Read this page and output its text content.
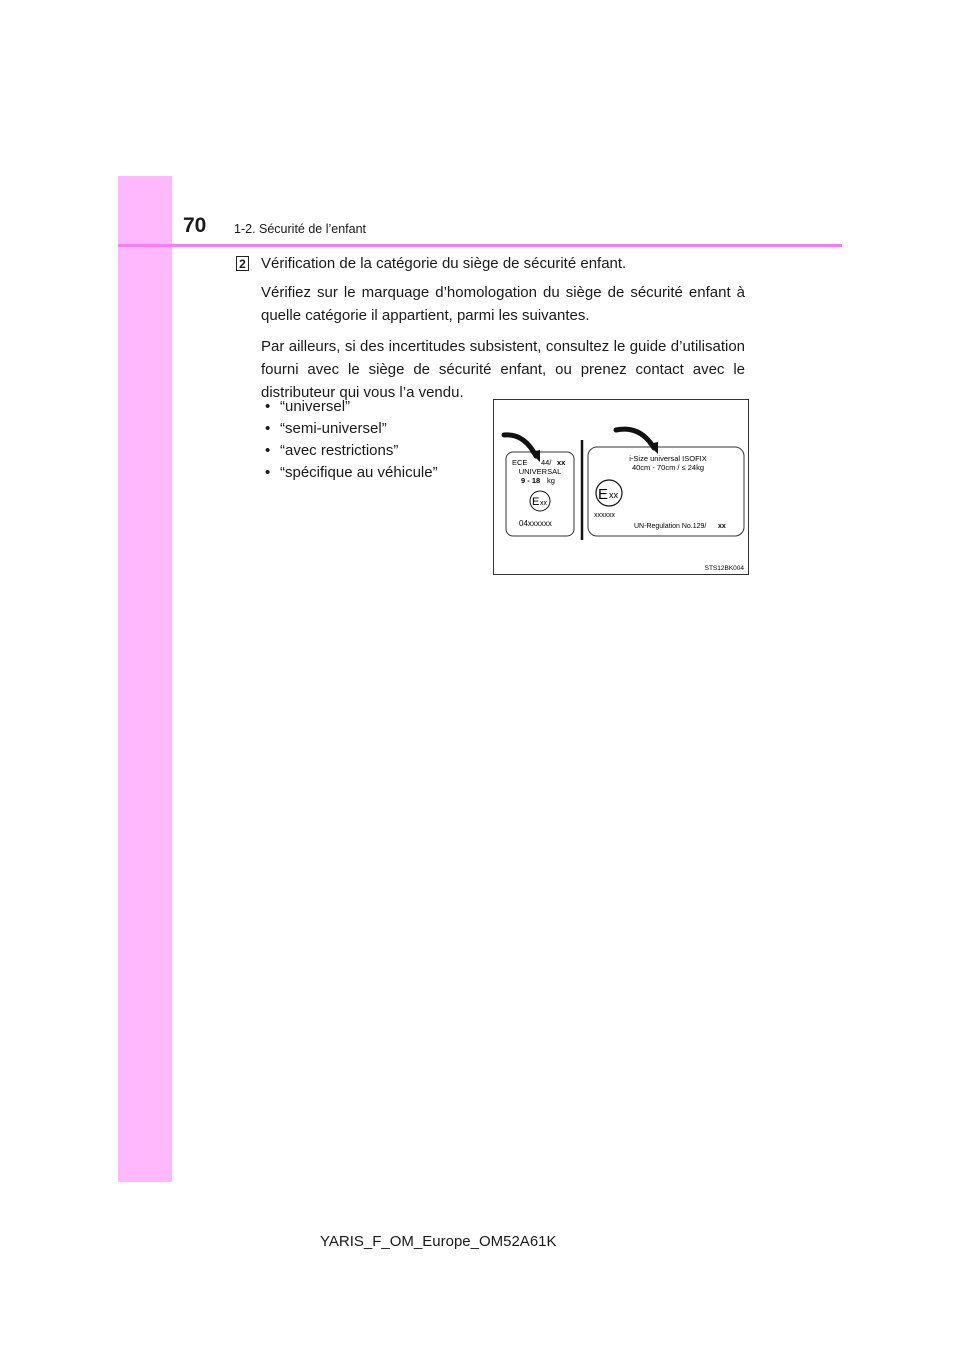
70 1-2. Sécurité de l’enfant
2 Vérification de la catégorie du siège de sécurité enfant.

Vérifiez sur le marquage d’homologation du siège de sécurité enfant à quelle catégorie il appartient, parmi les suivantes.

Par ailleurs, si des incertitudes subsistent, consultez le guide d’utilisation fourni avec le siège de sécurité enfant, ou prenez contact avec le distributeur qui vous l’a vendu.

• “universel”
• “semi-universel”
• “avec restrictions”
• “spécifique au véhicule”
ECE 44/ xx
UNIVERSAL
9 - 18 kg
E xx
04xxxxxx
i-Size universal ISOFIX
40cm - 70cm / ≤ 24kg
E xx
xxxxxx
UN-Regulation No.129/ xx
STS12BK004
YARIS_F_OM_Europe_OM52A61K
